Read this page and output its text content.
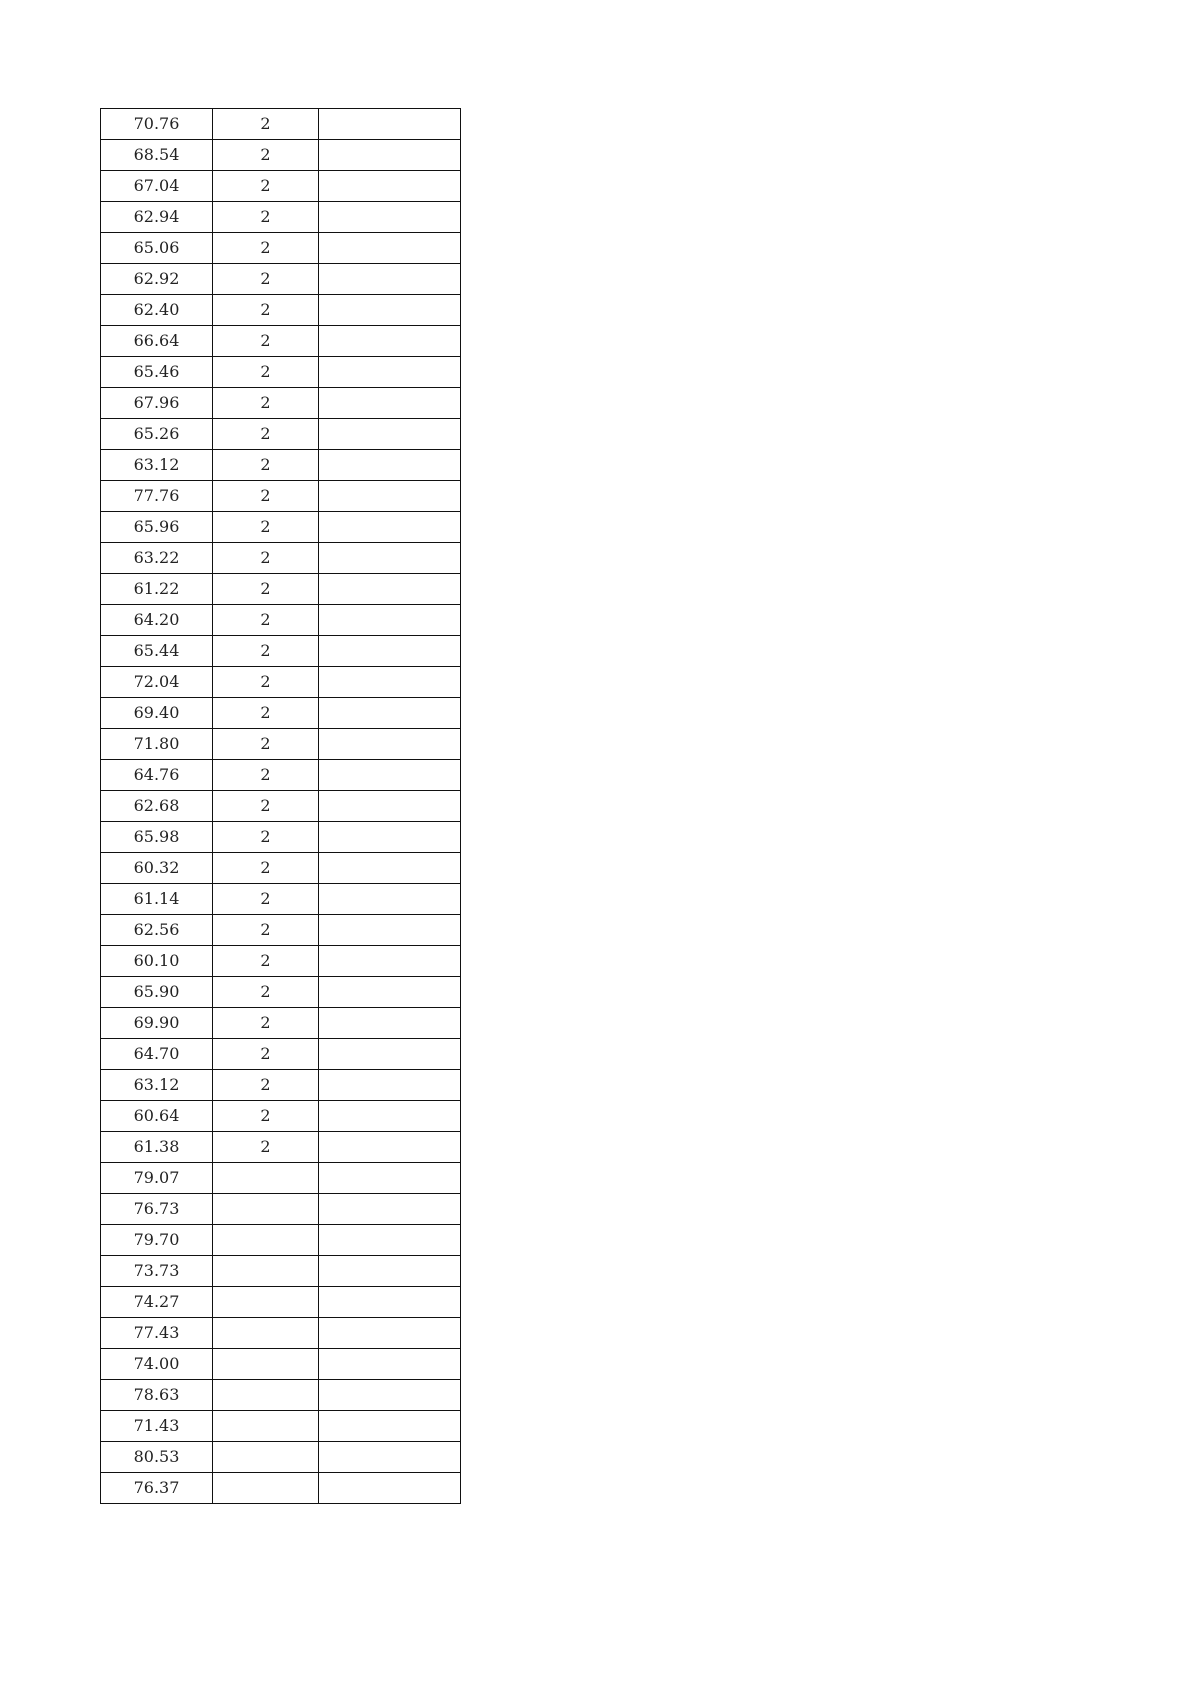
70.76	2	
68.54	2	
67.04	2	
62.94	2	
65.06	2	
62.92	2	
62.40	2	
66.64	2	
65.46	2	
67.96	2	
65.26	2	
63.12	2	
77.76	2	
65.96	2	
63.22	2	
61.22	2	
64.20	2	
65.44	2	
72.04	2	
69.40	2	
71.80	2	
64.76	2	
62.68	2	
65.98	2	
60.32	2	
61.14	2	
62.56	2	
60.10	2	
65.90	2	
69.90	2	
64.70	2	
63.12	2	
60.64	2	
61.38	2	
79.07		
76.73		
79.70		
73.73		
74.27		
77.43		
74.00		
78.63		
71.43		
80.53		
76.37		
